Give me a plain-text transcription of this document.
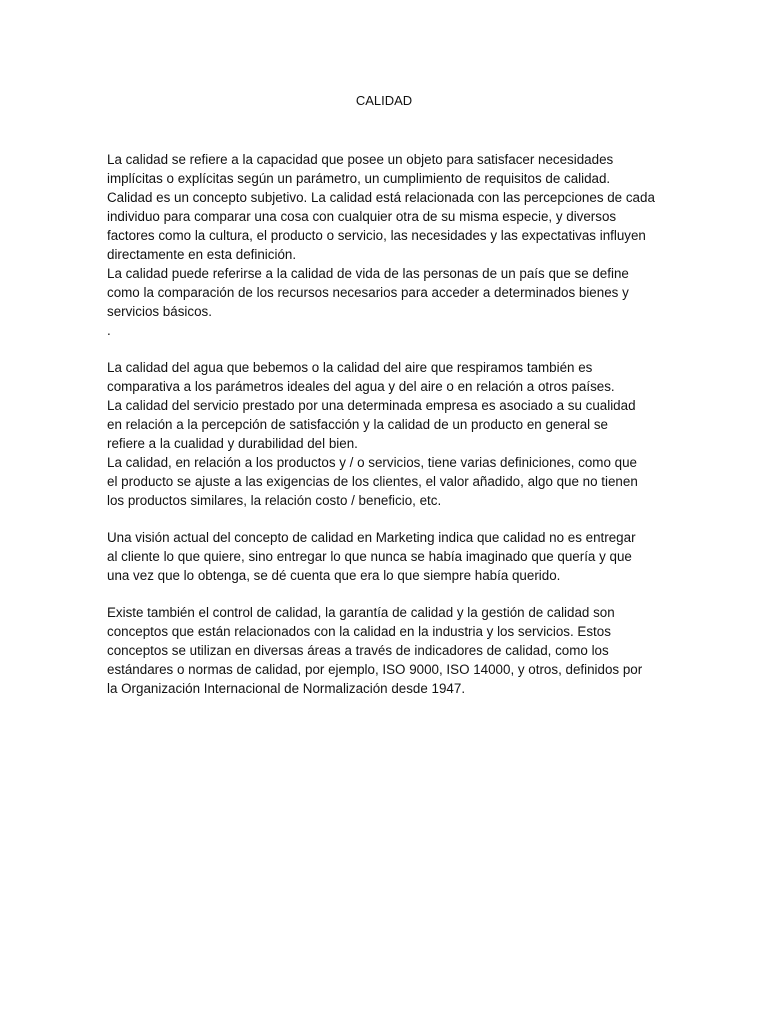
CALIDAD

La calidad se refiere a la capacidad que posee un objeto para satisfacer necesidades
implícitas o explícitas según un parámetro, un cumplimiento de requisitos de calidad.
Calidad es un concepto subjetivo. La calidad está relacionada con las percepciones de cada
individuo para comparar una cosa con cualquier otra de su misma especie, y diversos
factores como la cultura, el producto o servicio, las necesidades y las expectativas influyen
directamente en esta definición.
La calidad puede referirse a la calidad de vida de las personas de un país que se define
como la comparación de los recursos necesarios para acceder a determinados bienes y
servicios básicos.
.

La calidad del agua que bebemos o la calidad del aire que respiramos también es
comparativa a los parámetros ideales del agua y del aire o en relación a otros países.
La calidad del servicio prestado por una determinada empresa es asociado a su cualidad
en relación a la percepción de satisfacción y la calidad de un producto en general se
refiere a la cualidad y durabilidad del bien.
La calidad, en relación a los productos y / o servicios, tiene varias definiciones, como que
el producto se ajuste a las exigencias de los clientes, el valor añadido, algo que no tienen
los productos similares, la relación costo / beneficio, etc.

Una visión actual del concepto de calidad en Marketing indica que calidad no es entregar
al cliente lo que quiere, sino entregar lo que nunca se había imaginado que quería y que
una vez que lo obtenga, se dé cuenta que era lo que siempre había querido.

Existe también el control de calidad, la garantía de calidad y la gestión de calidad son
conceptos que están relacionados con la calidad en la industria y los servicios. Estos
conceptos se utilizan en diversas áreas a través de indicadores de calidad, como los
estándares o normas de calidad, por ejemplo, ISO 9000, ISO 14000, y otros, definidos por
la Organización Internacional de Normalización desde 1947.
